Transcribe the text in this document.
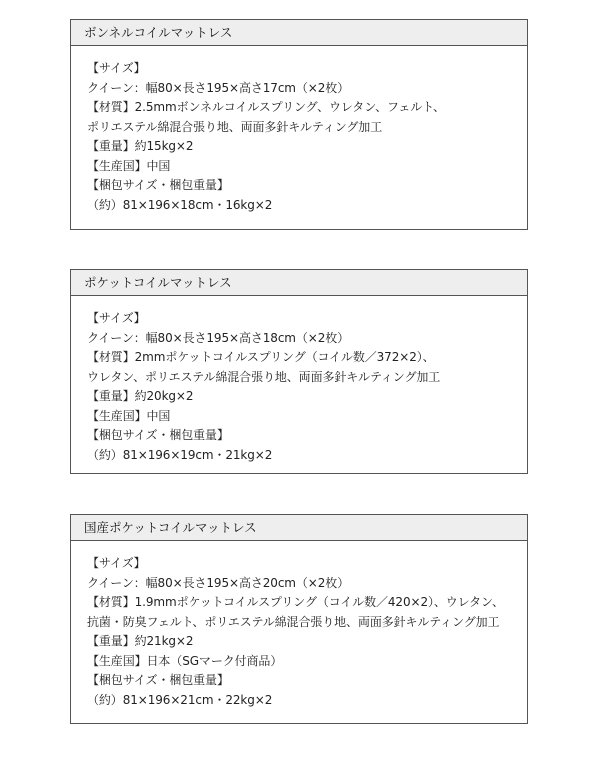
ボンネルコイルマットレス
【サイズ】
クイーン：幅80×長さ195×高さ17cm（×2枚）
【材質】2.5mmボンネルコイルスプリング、ウレタン、フェルト、
ポリエステル綿混合張り地、両面多針キルティング加工
【重量】約15kg×2
【生産国】中国
【梱包サイズ・梱包重量】
（約）81×196×18cm・16kg×2
ポケットコイルマットレス
【サイズ】
クイーン：幅80×長さ195×高さ18cm（×2枚）
【材質】2mmポケットコイルスプリング（コイル数／372×2）、
ウレタン、ポリエステル綿混合張り地、両面多針キルティング加工
【重量】約20kg×2
【生産国】中国
【梱包サイズ・梱包重量】
（約）81×196×19cm・21kg×2
国産ポケットコイルマットレス
【サイズ】
クイーン：幅80×長さ195×高さ20cm（×2枚）
【材質】1.9mmポケットコイルスプリング（コイル数／420×2）、ウレタン、
抗菌・防臭フェルト、ポリエステル綿混合張り地、両面多針キルティング加工
【重量】約21kg×2
【生産国】日本（SGマーク付商品）
【梱包サイズ・梱包重量】
（約）81×196×21cm・22kg×2
